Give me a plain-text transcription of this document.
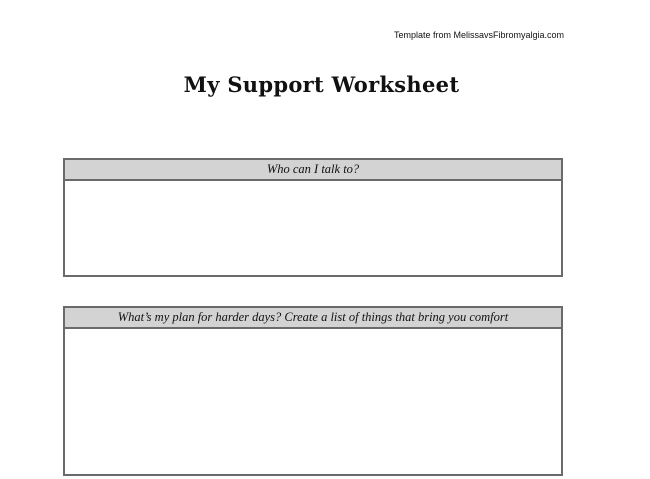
Template from MelissavsFibromyalgia.com
My Support Worksheet
Who can I talk to?
What’s my plan for harder days? Create a list of things that bring you comfort
